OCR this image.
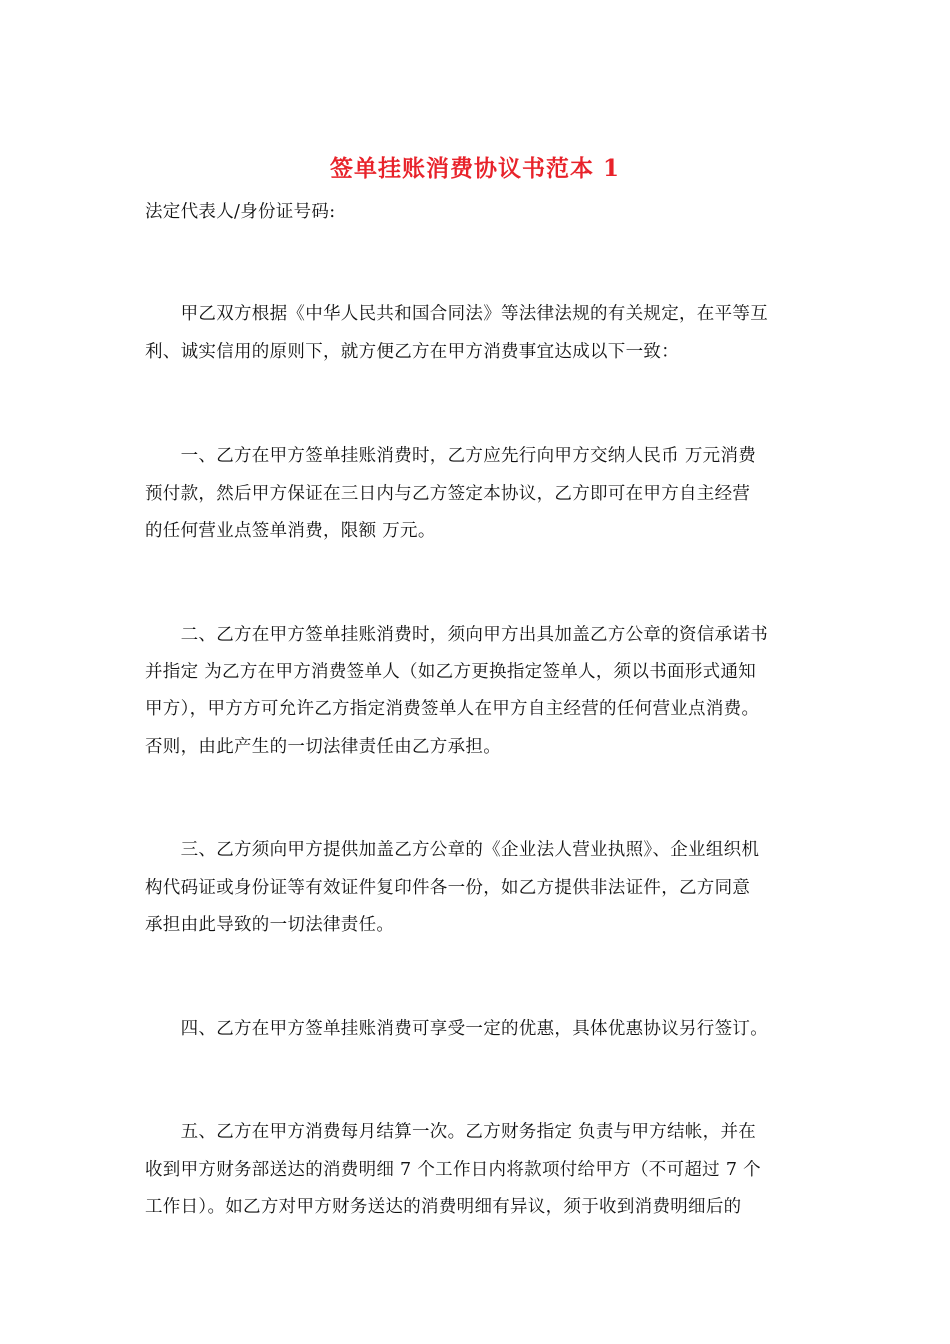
签单挂账消费协议书范本 1
法定代表人/身份证号码:
　　甲乙双方根据《中华人民共和国合同法》等法律法规的有关规定，在平等互
利、诚实信用的原则下，就方便乙方在甲方消费事宜达成以下一致：
　　一、乙方在甲方签单挂账消费时，乙方应先行向甲方交纳人民币 万元消费
预付款，然后甲方保证在三日内与乙方签定本协议，乙方即可在甲方自主经营
的任何营业点签单消费，限额 万元。
　　二、乙方在甲方签单挂账消费时，须向甲方出具加盖乙方公章的资信承诺书
并指定 为乙方在甲方消费签单人（如乙方更换指定签单人，须以书面形式通知
甲方），甲方方可允许乙方指定消费签单人在甲方自主经营的任何营业点消费。
否则，由此产生的一切法律责任由乙方承担。
　　三、乙方须向甲方提供加盖乙方公章的《企业法人营业执照》、企业组织机
构代码证或身份证等有效证件复印件各一份，如乙方提供非法证件，乙方同意
承担由此导致的一切法律责任。
　　四、乙方在甲方签单挂账消费可享受一定的优惠，具体优惠协议另行签订。
　　五、乙方在甲方消费每月结算一次。乙方财务指定 负责与甲方结帐，并在
收到甲方财务部送达的消费明细 7 个工作日内将款项付给甲方（不可超过 7 个
工作日）。如乙方对甲方财务送达的消费明细有异议，须于收到消费明细后的
